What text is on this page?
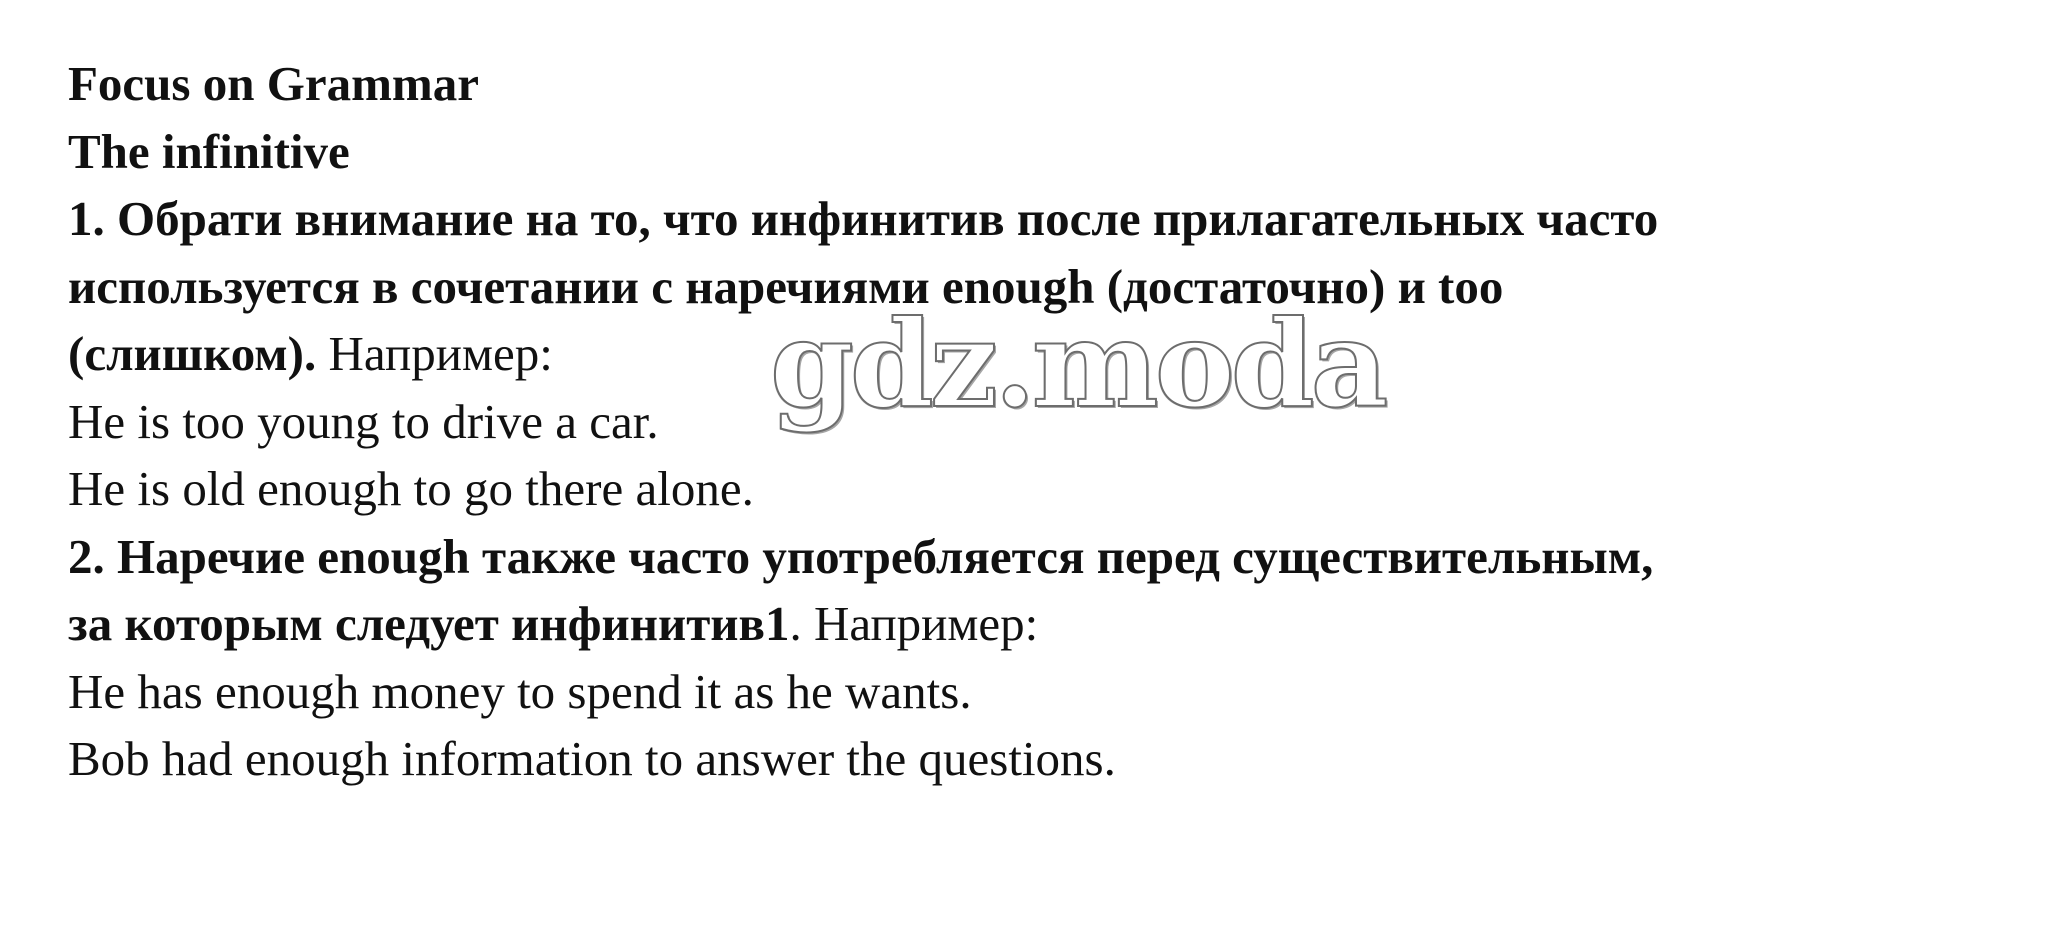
Focus on Grammar
The infinitive
1. Обрати внимание на то, что инфинитив после прилагательных часто
используется в сочетании с наречиями enough (достаточно) и too
(слишком). Например:
He is too young to drive a car.
He is old enough to go there alone.
2. Наречие enough также часто употребляется перед существительным,
за которым следует инфинитив1. Например:
He has enough money to spend it as he wants.
Bob had enough information to answer the questions.
gdz.moda
